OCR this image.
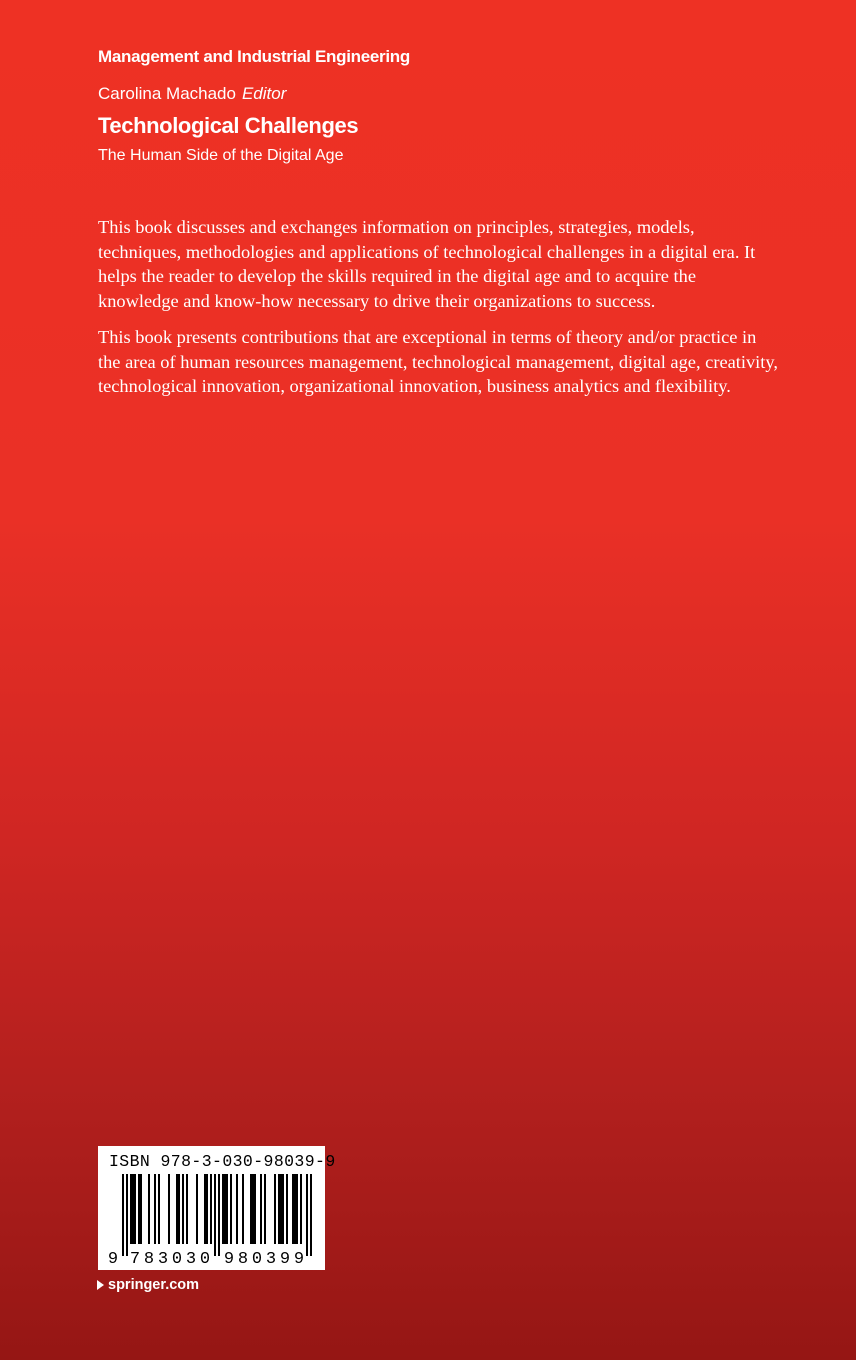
Management and Industrial Engineering
Carolina Machado Editor
Technological Challenges
The Human Side of the Digital Age

This book discusses and exchanges information on principles, strategies, models, techniques, methodologies and applications of technological challenges in a digital era. It helps the reader to develop the skills required in the digital age and to acquire the knowledge and know-how necessary to drive their organizations to success.

This book presents contributions that are exceptional in terms of theory and/or practice in the area of human resources management, technological management, digital age, creativity, technological innovation, organizational innovation, business analytics and flexibility.

ISBN 978-3-030-98039-9
9 7 8 3 0 3 0 9 8 0 3 9 9
springer.com
